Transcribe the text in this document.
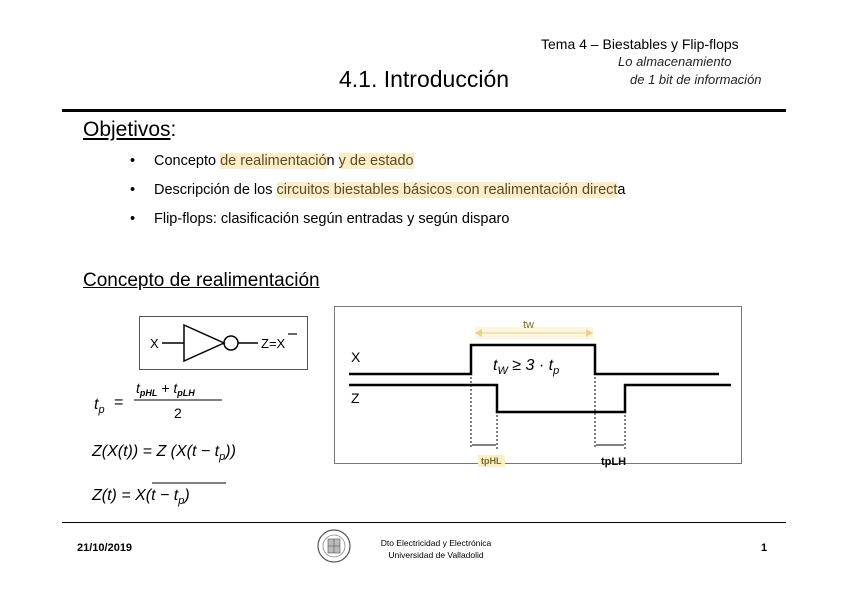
Tema 4 – Biestables y Flip-flops
Lo almacenamiento
de 1 bit de información
4.1. Introducción
Objetivos:
• Concepto de realimentación y de estado
• Descripción de los circuitos biestables básicos con realimentación directa
• Flip-flops: clasificación según entradas y según disparo
Concepto de realimentación
X	Z=X
$t_p$ =
$t_{pHL} + t_{pLH}$
2
Z(X(t)) = Z $(X(t - t_p))$
$Z(t) = X(t - t_p)$
X
Z
tw
$t_W \ge 3 \cdot t_p$
tpHL	tpLH
21/10/2019	Dto Electricidad y Electrónica
Universidad de Valladolid
1
